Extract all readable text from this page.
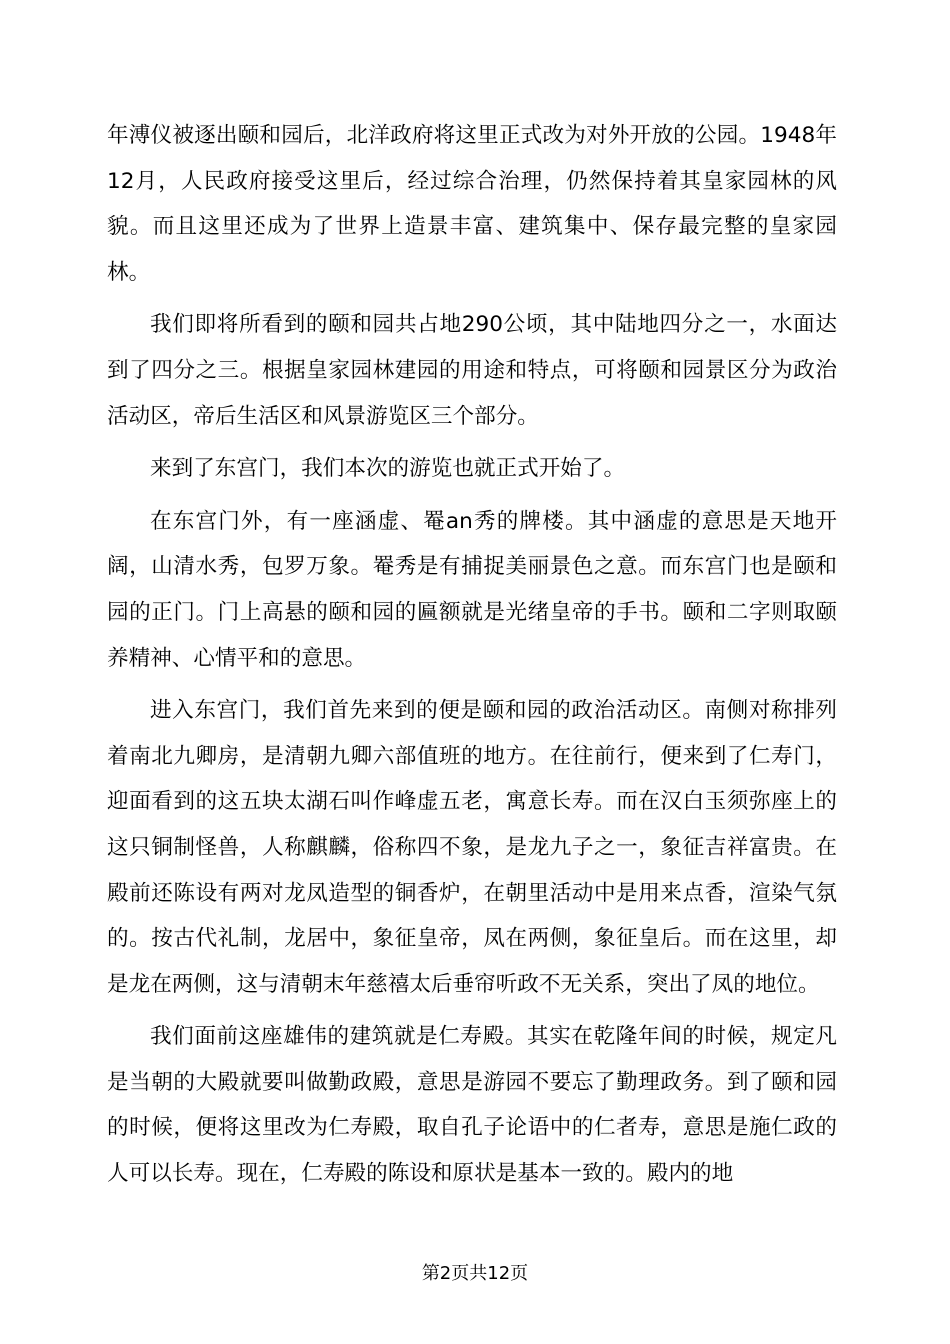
年溥仪被逐出颐和园后，北洋政府将这里正式改为对外开放的公园。1948年12月，人民政府接受这里后，经过综合治理，仍然保持着其皇家园林的风貌。而且这里还成为了世界上造景丰富、建筑集中、保存最完整的皇家园林。

我们即将所看到的颐和园共占地290公顷，其中陆地四分之一，水面达到了四分之三。根据皇家园林建园的用途和特点，可将颐和园景区分为政治活动区，帝后生活区和风景游览区三个部分。

来到了东宫门，我们本次的游览也就正式开始了。

在东宫门外，有一座涵虚、罨an秀的牌楼。其中涵虚的意思是天地开阔，山清水秀，包罗万象。罨秀是有捕捉美丽景色之意。而东宫门也是颐和园的正门。门上高悬的颐和园的匾额就是光绪皇帝的手书。颐和二字则取颐养精神、心情平和的意思。

进入东宫门，我们首先来到的便是颐和园的政治活动区。南侧对称排列着南北九卿房，是清朝九卿六部值班的地方。在往前行，便来到了仁寿门，迎面看到的这五块太湖石叫作峰虚五老，寓意长寿。而在汉白玉须弥座上的这只铜制怪兽，人称麒麟，俗称四不象，是龙九子之一，象征吉祥富贵。在殿前还陈设有两对龙凤造型的铜香炉，在朝里活动中是用来点香，渲染气氛的。按古代礼制，龙居中，象征皇帝，凤在两侧，象征皇后。而在这里，却是龙在两侧，这与清朝末年慈禧太后垂帘听政不无关系，突出了凤的地位。

我们面前这座雄伟的建筑就是仁寿殿。其实在乾隆年间的时候，规定凡是当朝的大殿就要叫做勤政殿，意思是游园不要忘了勤理政务。到了颐和园的时候，便将这里改为仁寿殿，取自孔子论语中的仁者寿，意思是施仁政的人可以长寿。现在，仁寿殿的陈设和原状是基本一致的。殿内的地

第2页共12页
